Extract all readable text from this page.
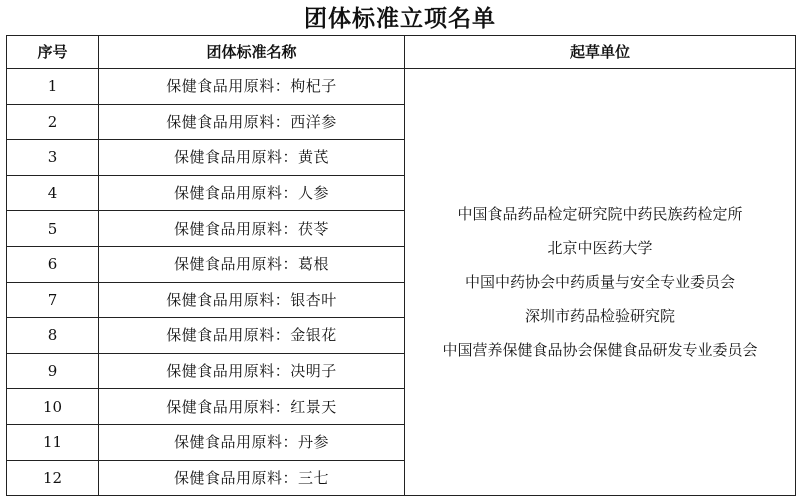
团体标准立项名单
序号	团体标准名称	起草单位
1	保健食品用原料：枸杞子	中国食品药品检定研究院中药民族药检定所
北京中医药大学
中国中药协会中药质量与安全专业委员会
深圳市药品检验研究院
中国营养保健食品协会保健食品研发专业委员会

2	保健食品用原料：西洋参	
3	保健食品用原料：黄芪	
4	保健食品用原料：人参	
5	保健食品用原料：茯苓	
6	保健食品用原料：葛根	
7	保健食品用原料：银杏叶	
8	保健食品用原料：金银花	
9	保健食品用原料：决明子	
10	保健食品用原料：红景天	
11	保健食品用原料：丹参	
12	保健食品用原料：三七	
